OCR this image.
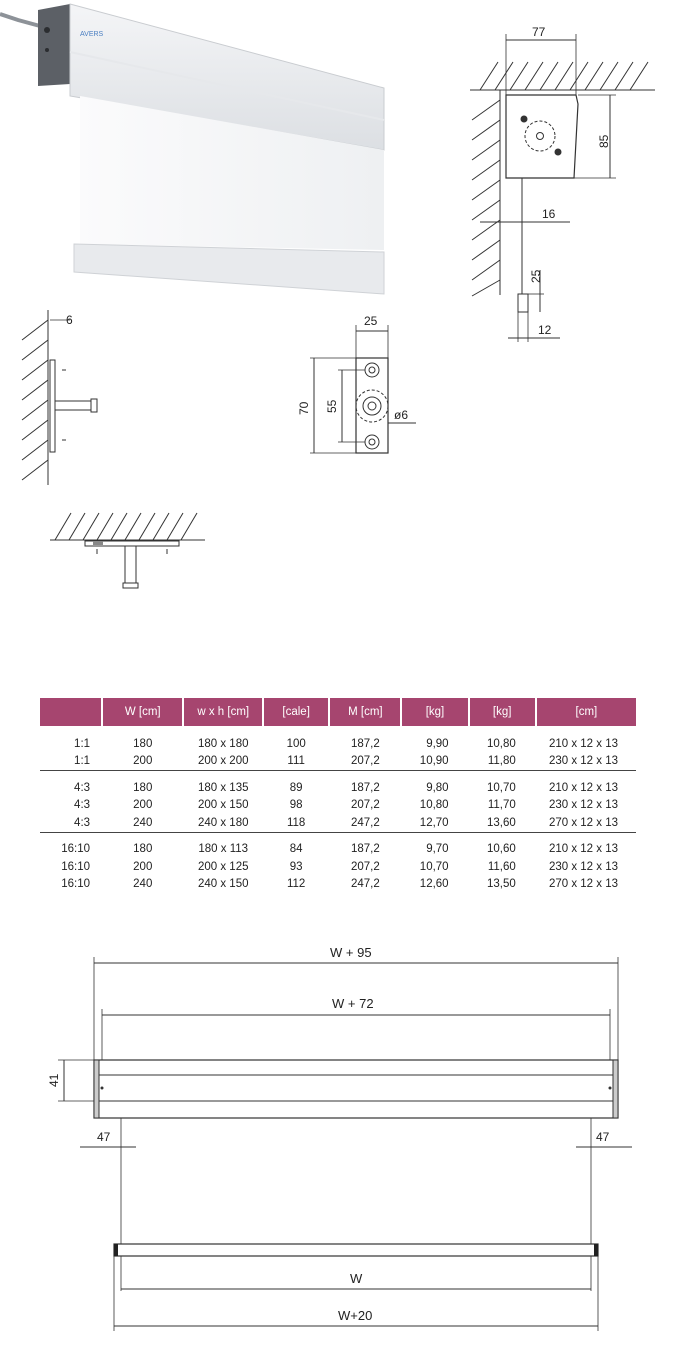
AVERS	77
85
16
25
12
6	25
70 55
ø6
	W [cm]	w x h [cm]	[cale]	M [cm]	[kg]	[kg]	[cm]

1:1	180	180 x 180	100	187,2	9,90	10,80	210 x 12 x 13
1:1	200	200 x 200	111	207,2	10,90	11,80	230 x 12 x 13

4:3	180	180 x 135	89	187,2	9,80	10,70	210 x 12 x 13
4:3	200	200 x 150	98	207,2	10,80	11,70	230 x 12 x 13
4:3	240	240 x 180	118	247,2	12,70	13,60	270 x 12 x 13

16:10	180	180 x 113	84	187,2	9,70	10,60	210 x 12 x 13
16:10	200	200 x 125	93	207,2	10,70	11,60	230 x 12 x 13
16:10	240	240 x 150	112	247,2	12,60	13,50	270 x 12 x 13
W + 95
W + 72
41
47	47
W
W+20
